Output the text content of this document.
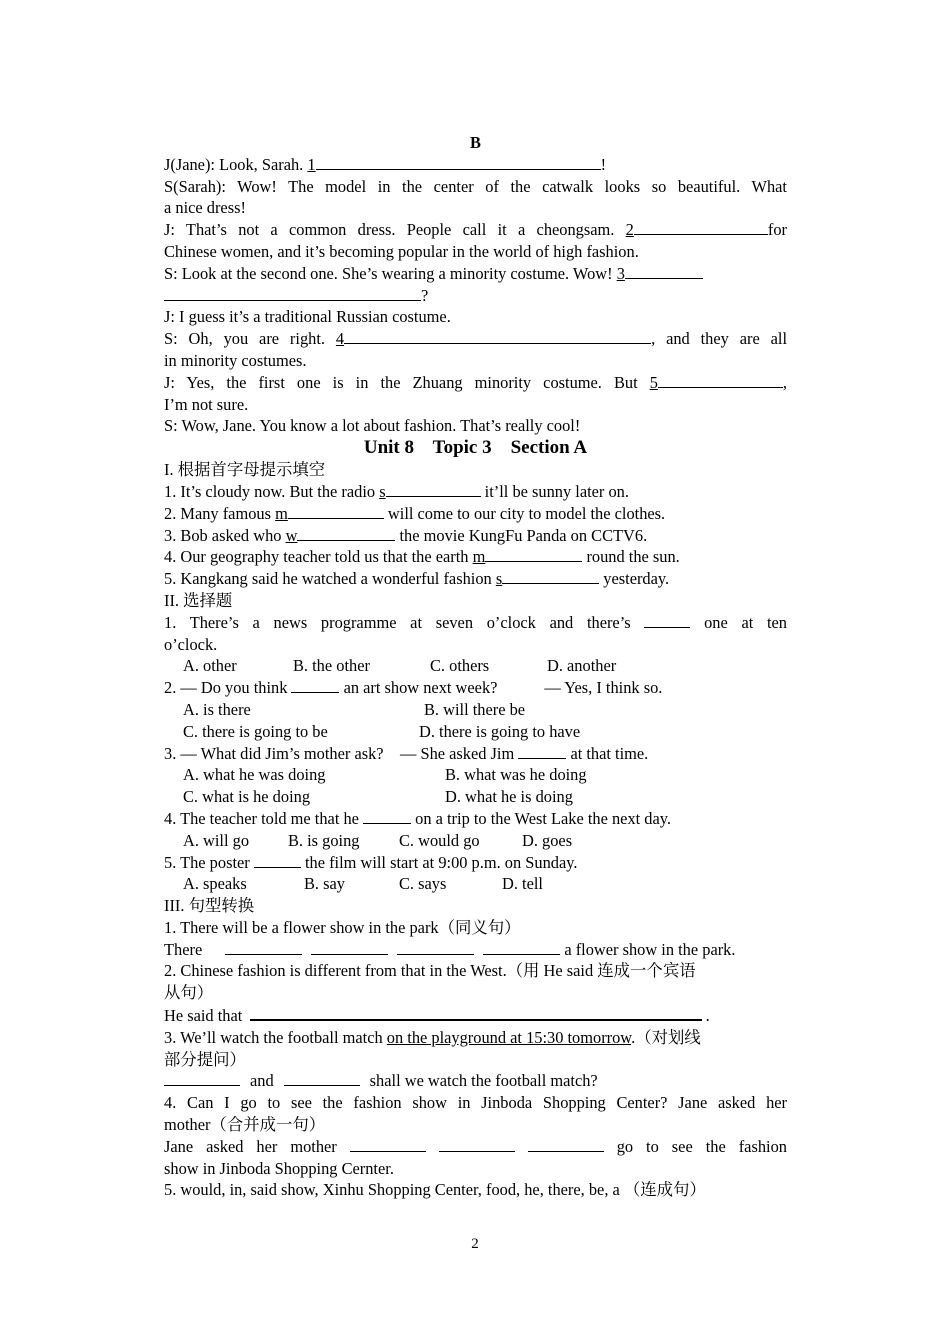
B
J(Jane): Look, Sarah. 1	!
S(Sarah): Wow! The model in the center of the catwalk looks so beautiful. What
a nice dress!
J: That’s not a common dress. People call it a cheongsam. 2	for
Chinese women, and it’s becoming popular in the world of high fashion.
S: Look at the second one. She’s wearing a minority costume. Wow! 3
?
J: I guess it’s a traditional Russian costume.
S: Oh, you are right. 4	, and they are all
in minority costumes.
J: Yes, the first one is in the Zhuang minority costume. But 5	,
I’m not sure.
S: Wow, Jane. You know a lot about fashion. That’s really cool!
Unit 8    Topic 3    Section A
I. 根据首字母提示填空
1. It’s cloudy now. But the radio s	it’ll be sunny later on.
2. Many famous m	will come to our city to model the clothes.
3. Bob asked who w	the movie KungFu Panda on CCTV6.
4. Our geography teacher told us that the earth m	round the sun.
5. Kangkang said he watched a wonderful fashion s	yesterday.
II. 选择题
1. There’s a news programme at seven o’clock and there’s	one at ten
o’clock.
A. other	B. the other	C. others	D. another
2. — Do you think	an art show next week?	— Yes, I think so.
A. is there	B. will there be
C. there is going to be	D. there is going to have
3. — What did Jim’s mother ask?    — She asked Jim	at that time.
A. what he was doing	B. what was he doing
C. what is he doing	D. what he is doing
4. The teacher told me that he	on a trip to the West Lake the next day.
A. will go B. is going C. would go	D. goes
5. The poster	the film will start at 9:00 p.m. on Sunday.
A. speaks	B. say	C. says	D. tell
III. 句型转换
1. There will be a flower show in the park（同义句）
There	a flower show in the park.
2. Chinese fashion is different from that in the West.（用 He said 连成一个宾语
从句）
He said that	 .
3. We’ll watch the football match on the playground at 15:30 tomorrow.（对划线
部分提问）
and	shall we watch the football match?
4. Can I go to see the fashion show in Jinboda Shopping Center? Jane asked her
mother（合并成一句）
Jane asked her mother	go to see the fashion
show in Jinboda Shopping Cernter.
5. would, in, said show, Xinhu Shopping Center, food, he, there, be, a （连成句）
2
